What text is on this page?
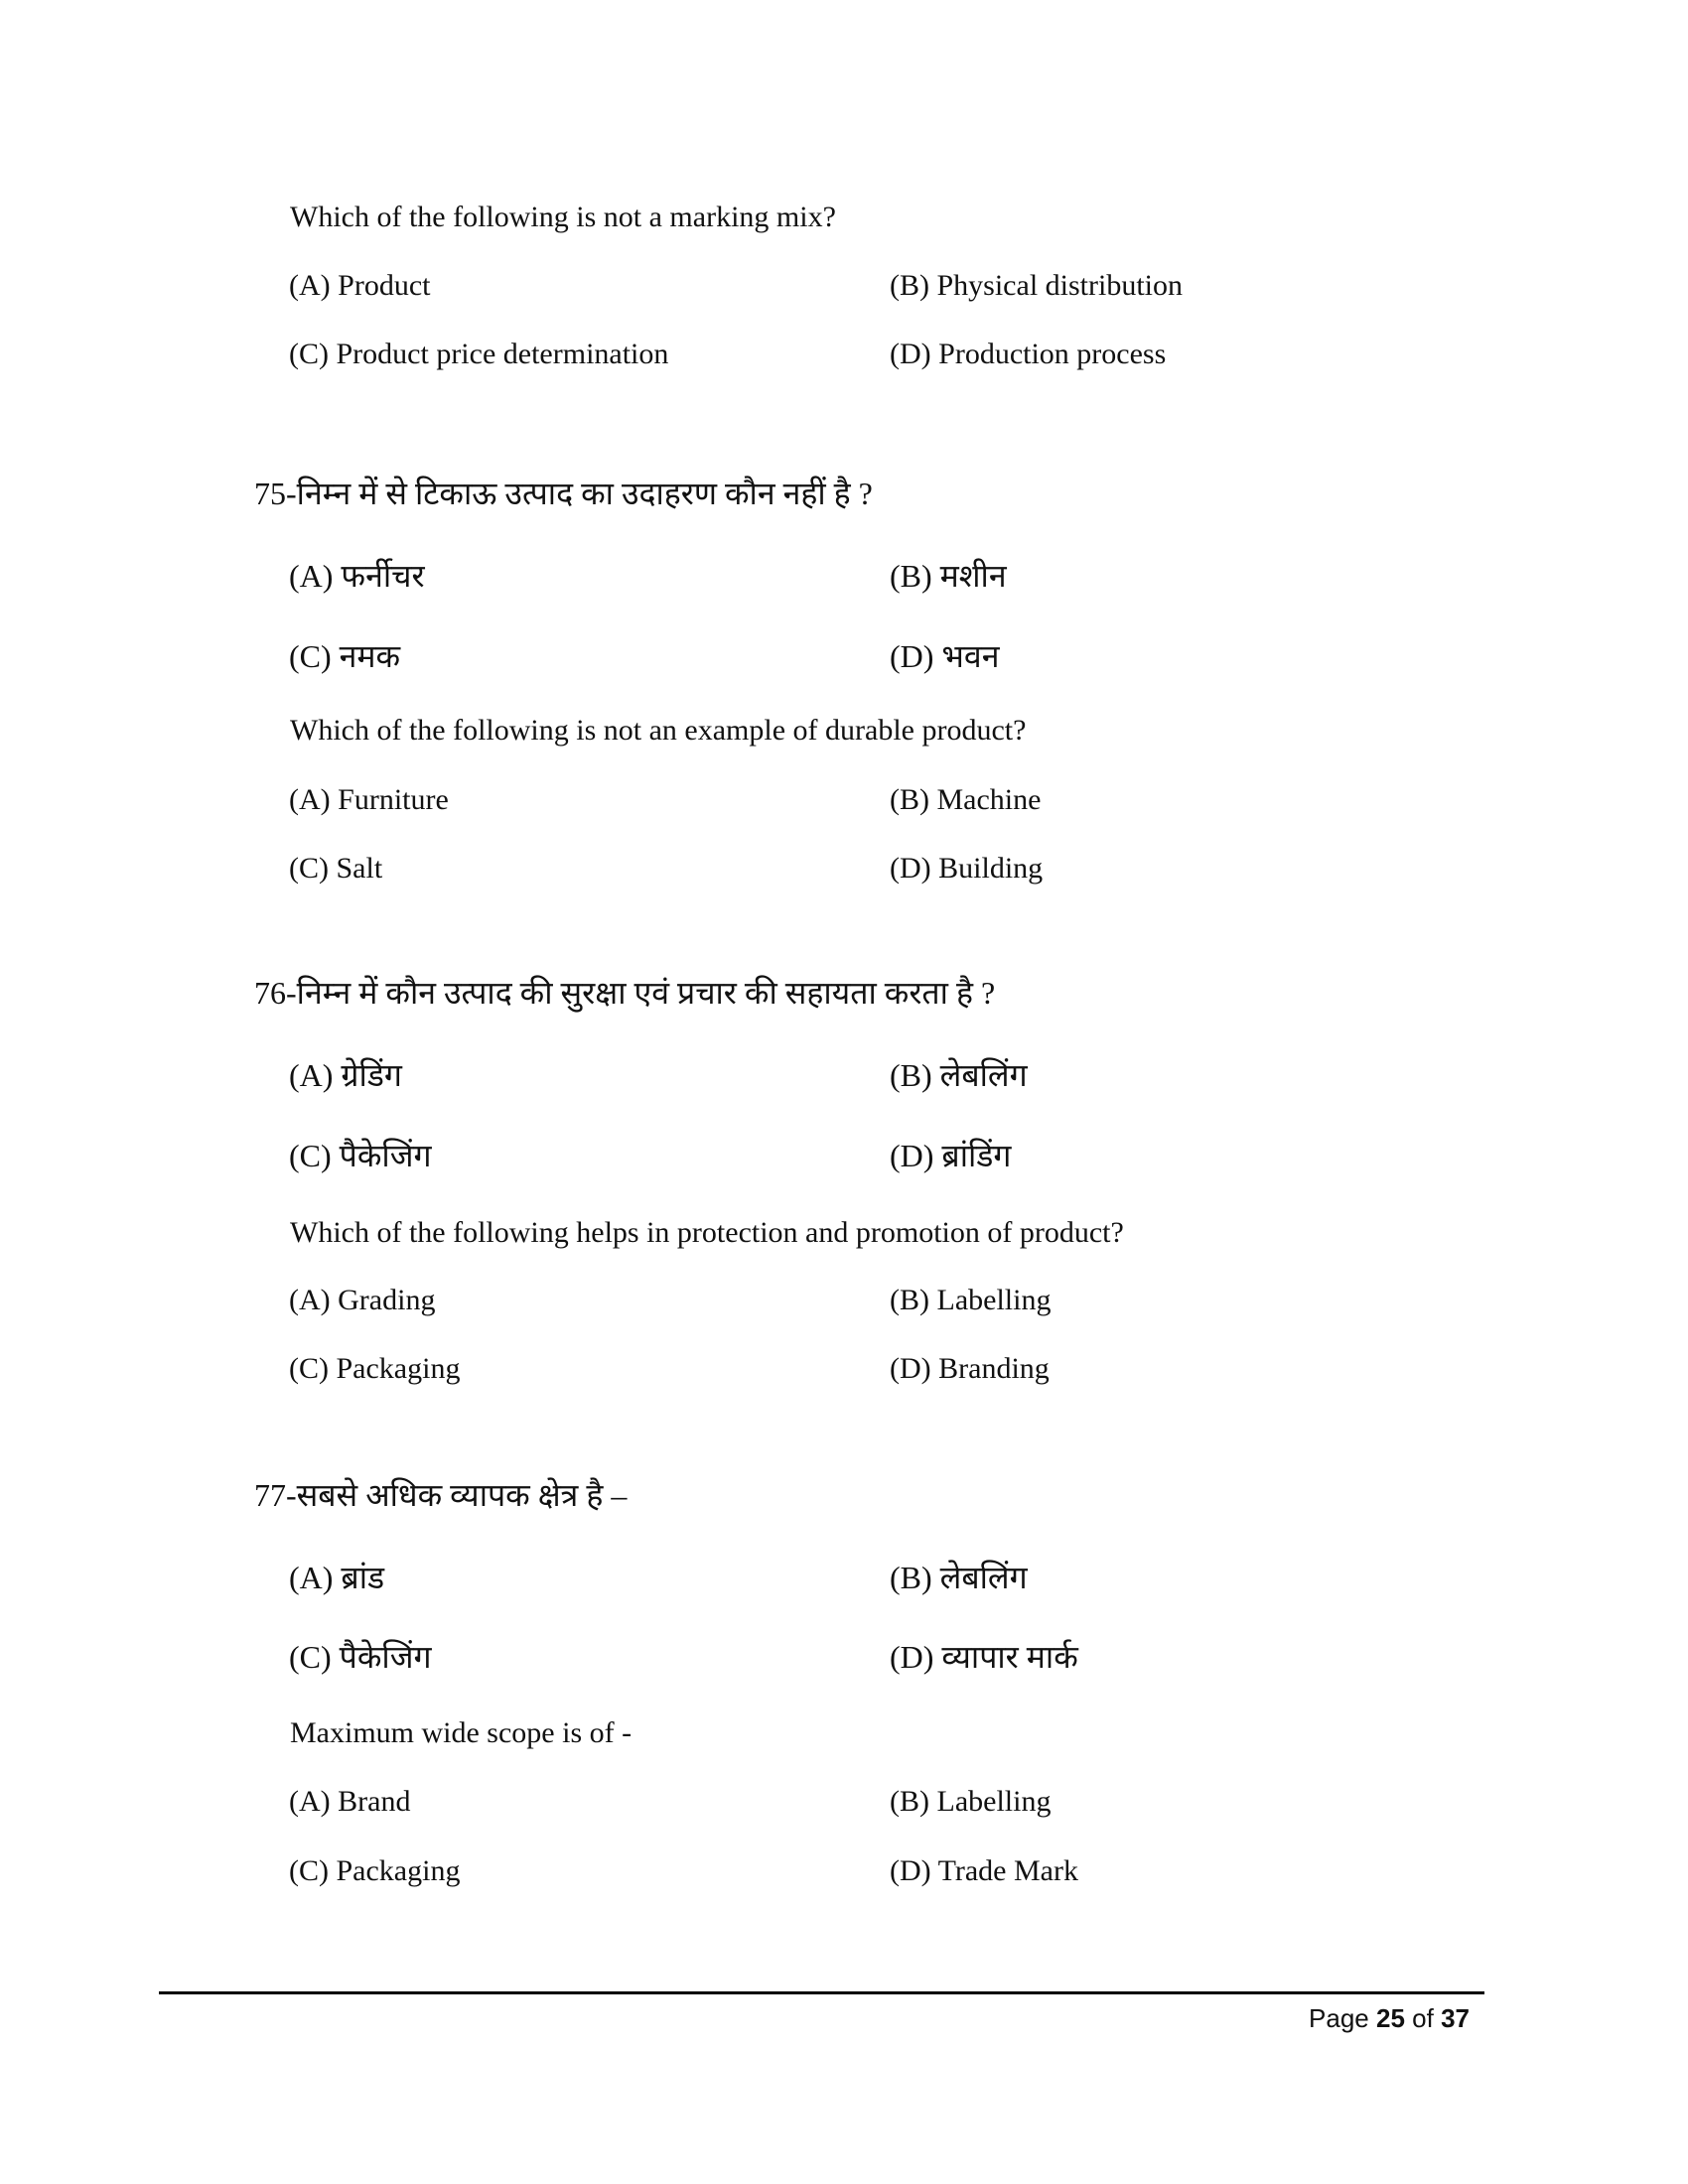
Which of the following is not a marking mix?
(A) Product	(B) Physical distribution
(C) Product price determination	(D) Production process
75-निम्न में से टिकाऊ उत्पाद का उदाहरण कौन नहीं है ?
(A) फर्नीचर	(B) मशीन
(C) नमक	(D) भवन
Which of the following is not an example of durable product?
(A) Furniture	(B) Machine
(C) Salt	(D) Building
76-निम्न में कौन उत्पाद की सुरक्षा एवं प्रचार की सहायता करता है ?
(A) ग्रेडिंग	(B) लेबलिंग
(C) पैकेजिंग	(D) ब्रांडिंग
Which of the following helps in protection and promotion of product?
(A) Grading	(B) Labelling
(C) Packaging	(D) Branding
77-सबसे अधिक व्यापक क्षेत्र है –
(A) ब्रांड	(B) लेबलिंग
(C) पैकेजिंग	(D) व्यापार मार्क
Maximum wide scope is of -
(A) Brand	(B) Labelling
(C) Packaging	(D) Trade Mark
Page 25 of 37
